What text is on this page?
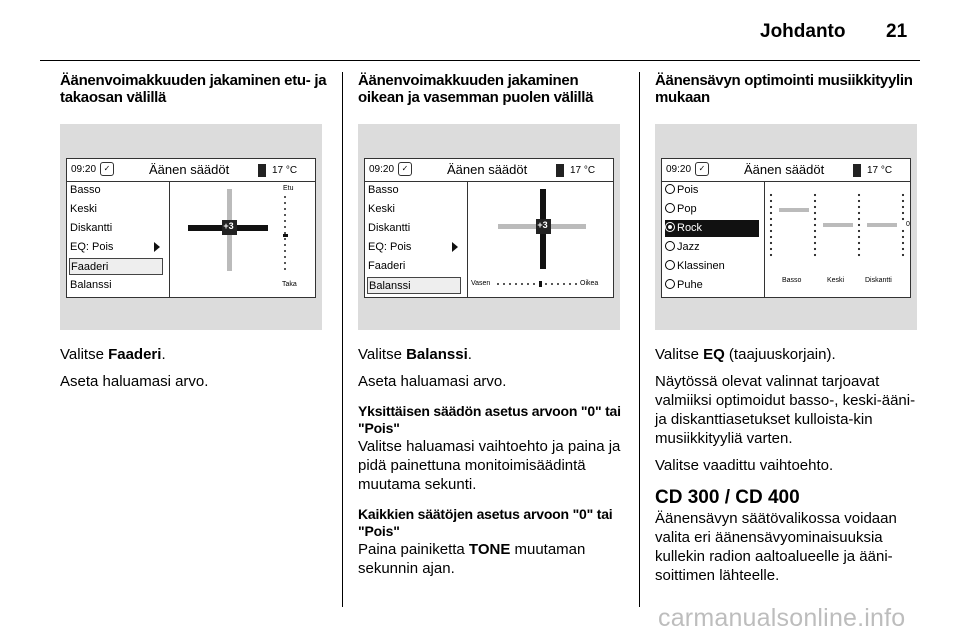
Johdanto 21
Äänenvoimakkuuden jakaminen etu- ja takaosan välillä
09:20 ✓	Äänen säädöt	17 °C
Basso
Keski
Diskantti
EQ: Pois
Faaderi
Balanssi
+3
Etu
Taka

Valitse Faaderi.

Aseta haluamasi arvo.

Äänenvoimakkuuden jakaminen oikean ja vasemman puolen välillä
09:20 ✓	Äänen säädöt	17 °C
Basso
Keski
Diskantti
EQ: Pois
Faaderi
Balanssi
+3
Vasen	Oikea

Valitse Balanssi.

Aseta haluamasi arvo.

Yksittäisen säädön asetus arvoon "0" tai "Pois"

Valitse haluamasi vaihtoehto ja paina ja pidä painettuna monitoimisäädintä muutama sekunti.

Kaikkien säätöjen asetus arvoon "0" tai "Pois"

Paina painiketta TONE muutaman sekunnin ajan.

Äänensävyn optimointi musiikkityylin mukaan
09:20 ✓	Äänen säädöt	17 °C
Pois
Pop
Rock
Jazz
Klassinen
Puhe
0
Basso	Keski	Diskantti

Valitse EQ (taajuuskorjain).

Näytössä olevat valinnat tarjoavat valmiiksi optimoidut basso-, keski-ääni- ja diskanttiasetukset kulloista-kin musiikkityyliä varten.

Valitse vaadittu vaihtoehto.

CD 300 / CD 400

Äänensävyn säätövalikossa voidaan valita eri äänensävyominaisuuksia kullekin radion aaltoalueelle ja ääni-soittimen lähteelle.

carmanualsonline.info
